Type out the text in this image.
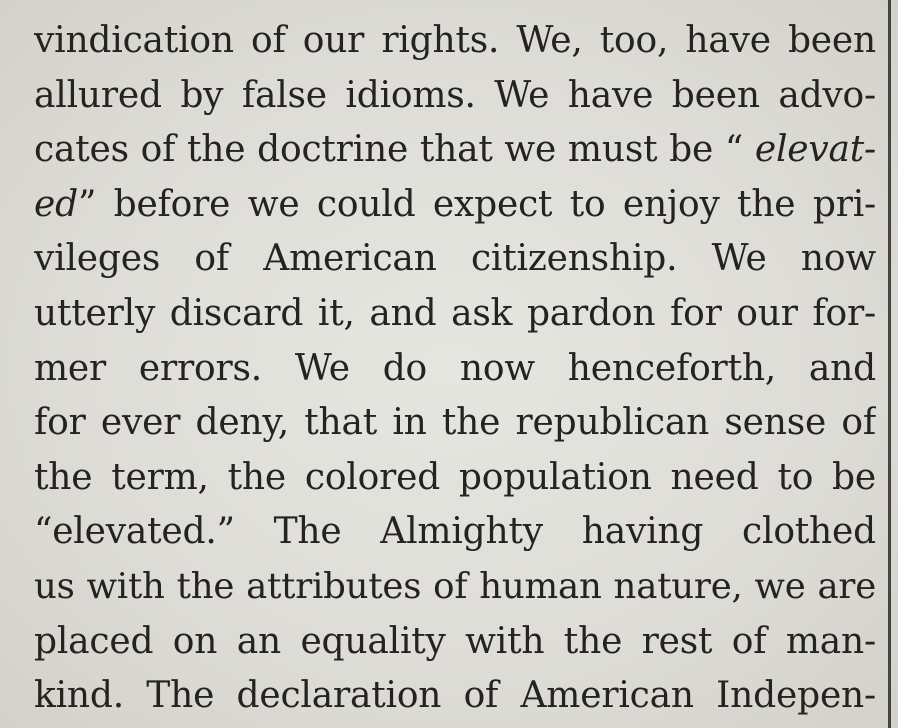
vindication of our rights. We, too, have been
allured by false idioms. We have been advo-
cates of the doctrine that we must be “ elevat-
ed” before we could expect to enjoy the pri-
vileges of American citizenship. We now
utterly discard it, and ask pardon for our for-
mer errors. We do now henceforth, and
for ever deny, that in the republican sense of
the term, the colored population need to be
“elevated.” The Almighty having clothed
us with the attributes of human nature, we are
placed on an equality with the rest of man-
kind. The declaration of American Indepen-
